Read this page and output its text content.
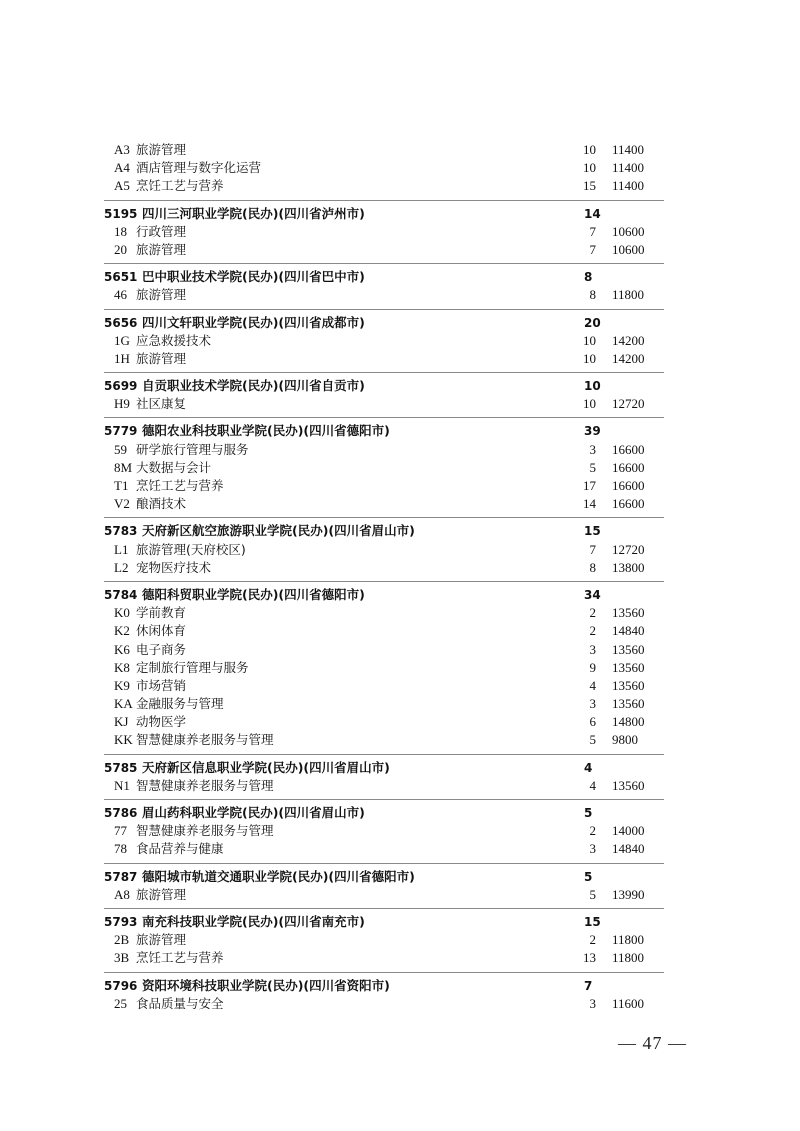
A3 旅游管理	10 11400
A4 酒店管理与数字化运营	10 11400
A5 烹饪工艺与营养	15 11400
5195 四川三河职业学院(民办)(四川省泸州市)	14
18 行政管理	7 10600
20 旅游管理	7 10600
5651 巴中职业技术学院(民办)(四川省巴中市)	8
46 旅游管理	8 11800
5656 四川文轩职业学院(民办)(四川省成都市)	20
1G 应急救援技术	10 14200
1H 旅游管理	10 14200
5699 自贡职业技术学院(民办)(四川省自贡市)	10
H9 社区康复	10 12720
5779 德阳农业科技职业学院(民办)(四川省德阳市)	39
59 研学旅行管理与服务	3 16600
8M 大数据与会计	5 16600
T1 烹饪工艺与营养	17 16600
V2 酿酒技术	14 16600
5783 天府新区航空旅游职业学院(民办)(四川省眉山市)	15
L1 旅游管理(天府校区)	7 12720
L2 宠物医疗技术	8 13800
5784 德阳科贸职业学院(民办)(四川省德阳市)	34
K0 学前教育	2 13560
K2 休闲体育	2 14840
K6 电子商务	3 13560
K8 定制旅行管理与服务	9 13560
K9 市场营销	4 13560
KA 金融服务与管理	3 13560
KJ 动物医学	6 14800
KK 智慧健康养老服务与管理	5 9800
5785 天府新区信息职业学院(民办)(四川省眉山市)	4
N1 智慧健康养老服务与管理	4 13560
5786 眉山药科职业学院(民办)(四川省眉山市)	5
77 智慧健康养老服务与管理	2 14000
78 食品营养与健康	3 14840
5787 德阳城市轨道交通职业学院(民办)(四川省德阳市)	5
A8 旅游管理	5 13990
5793 南充科技职业学院(民办)(四川省南充市)	15
2B 旅游管理	2 11800
3B 烹饪工艺与营养	13 11800
5796 资阳环境科技职业学院(民办)(四川省资阳市)	7
25 食品质量与安全	3 11600
— 47 —
